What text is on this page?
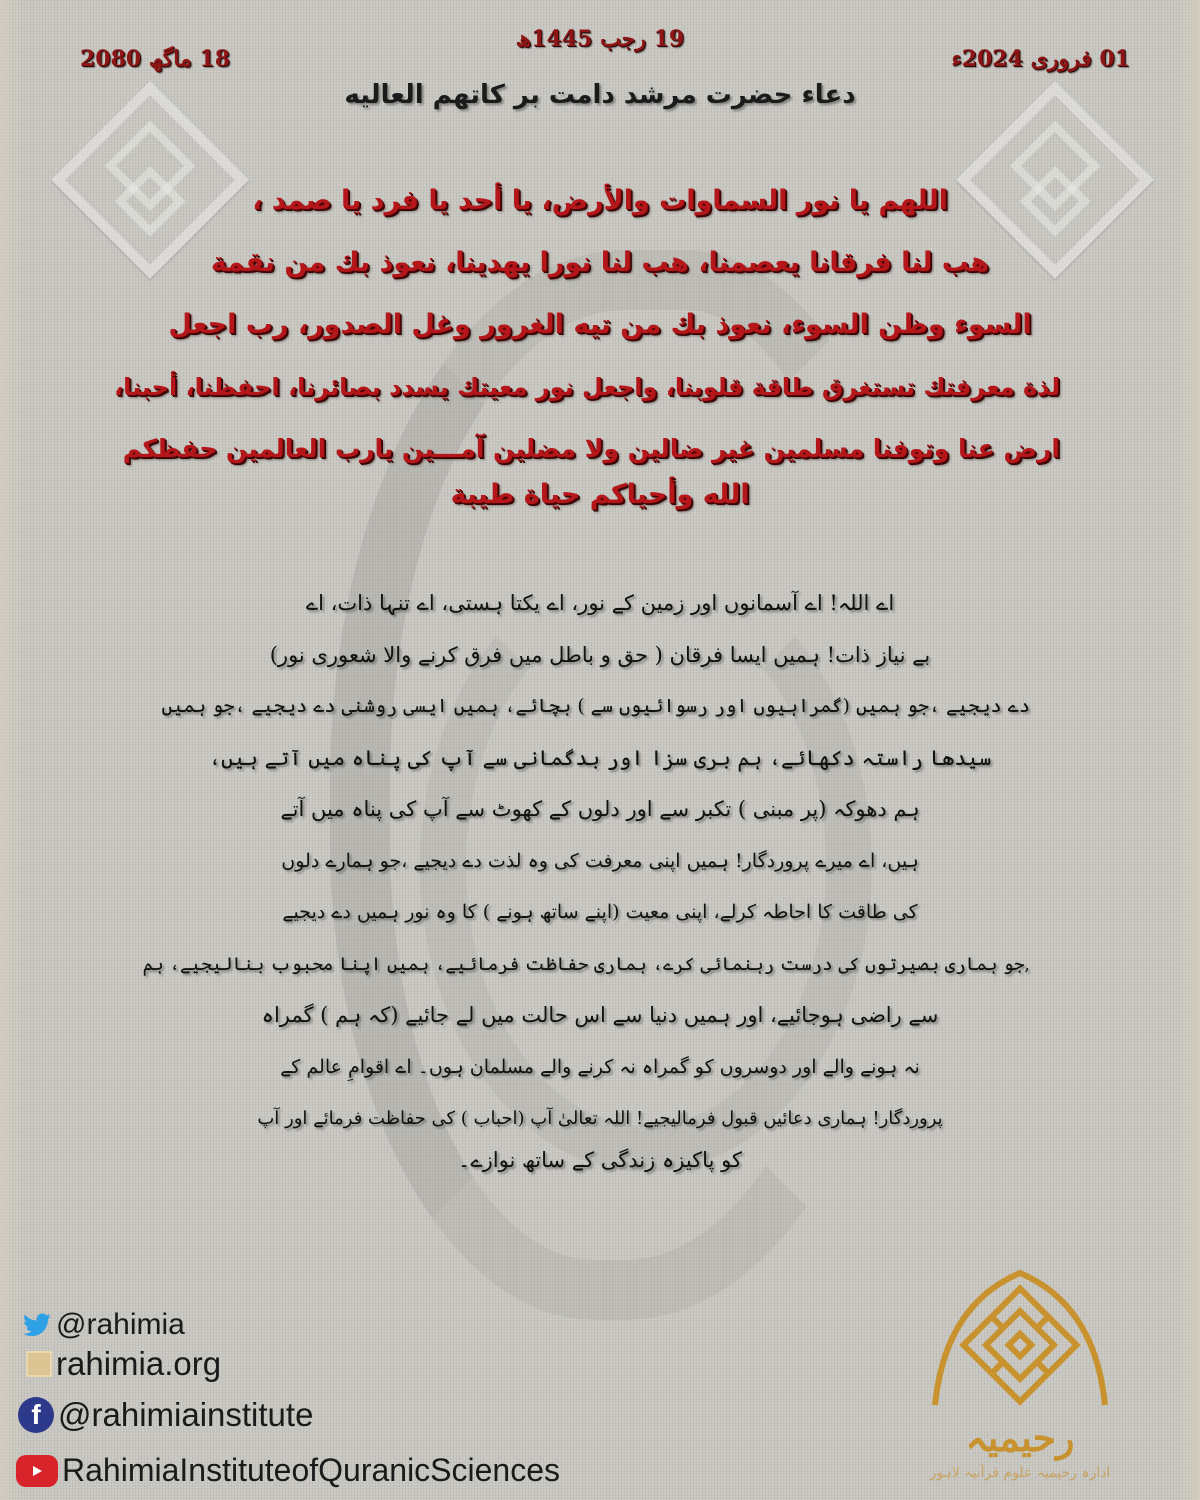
19 رجب 1445ھ
01 فروری 2024ء
18 ماگھ 2080
دعاء حضرت مرشد دامت بر کاتهم العاليه
اللهم يا نور السماوات والأرض، يا أحد يا فرد يا صمد ،
هب لنا فرقانا يعصمنا، هب لنا نورا يهدينا، نعوذ بك من نقمة
السوء وظن السوء، نعوذ بك من تيه الغرور وغل الصدور، رب اجعل
لذة معرفتك تستغرق طاقة قلوبنا، واجعل نور معيتك يسدد بصائرنا، احفظنا، أحبنا،
ارض عنا وتوفنا مسلمين غير ضالين ولا مضلين آمـــين يارب العالمين حفظكم
الله وأحياكم حياة طيبة
اے اللہ! اے آسمانوں اور زمین کے نور، اے یکتا ہستی، اے تنہا ذات، اے
بے نیاز ذات! ہمیں ایسا فرقان ( حق و باطل میں فرق کرنے والا شعوری نور)
دے دیجیے ،جو ہمیں (گمراہیوں اور رسوائیوں سے ) بچائے، ہمیں ایسی روشنی دے دیجیے ،جو ہمیں
سیدھا راستہ دکھائے، ہم بری سزا اور بدگمانی سے آپ کی پناہ میں آتے ہیں،
ہم دھوکہ (پر مبنی ) تکبر سے اور دلوں کے کھوٹ سے آپ کی پناہ میں آتے
ہیں، اے میرے پروردگار! ہمیں اپنی معرفت کی وہ لذت دے دیجیے ،جو ہمارے دلوں
کی طاقت کا احاطہ کرلے، اپنی معیت (اپنے ساتھ ہونے ) کا وہ نور ہمیں دے دیجیے
,جو ہماری بصیرتوں کی درست رہنمائی کرے، ہماری حفاظت فرمائیے، ہمیں اپنا محبوب بنالیجیے، ہم
سے راضی ہوجائیے، اور ہمیں دنیا سے اس حالت میں لے جائیے (کہ ہم ) گمراہ
نہ ہونے والے اور دوسروں کو گمراہ نہ کرنے والے مسلمان ہوں۔ اے اقوامِ عالم کے
پروردگار! ہماری دعائیں قبول فرمالیجیے! اللہ تعالیٰ آپ (احباب ) کی حفاظت فرمائے اور آپ
کو پاکیزہ زندگی کے ساتھ نوازے۔
@rahimia
rahimia.org
f @rahimiainstitute
RahimiaInstituteofQuranicSciences
رحیمیہ
ادارہ رحیمیہ علوم قرآنیہ لاہور
